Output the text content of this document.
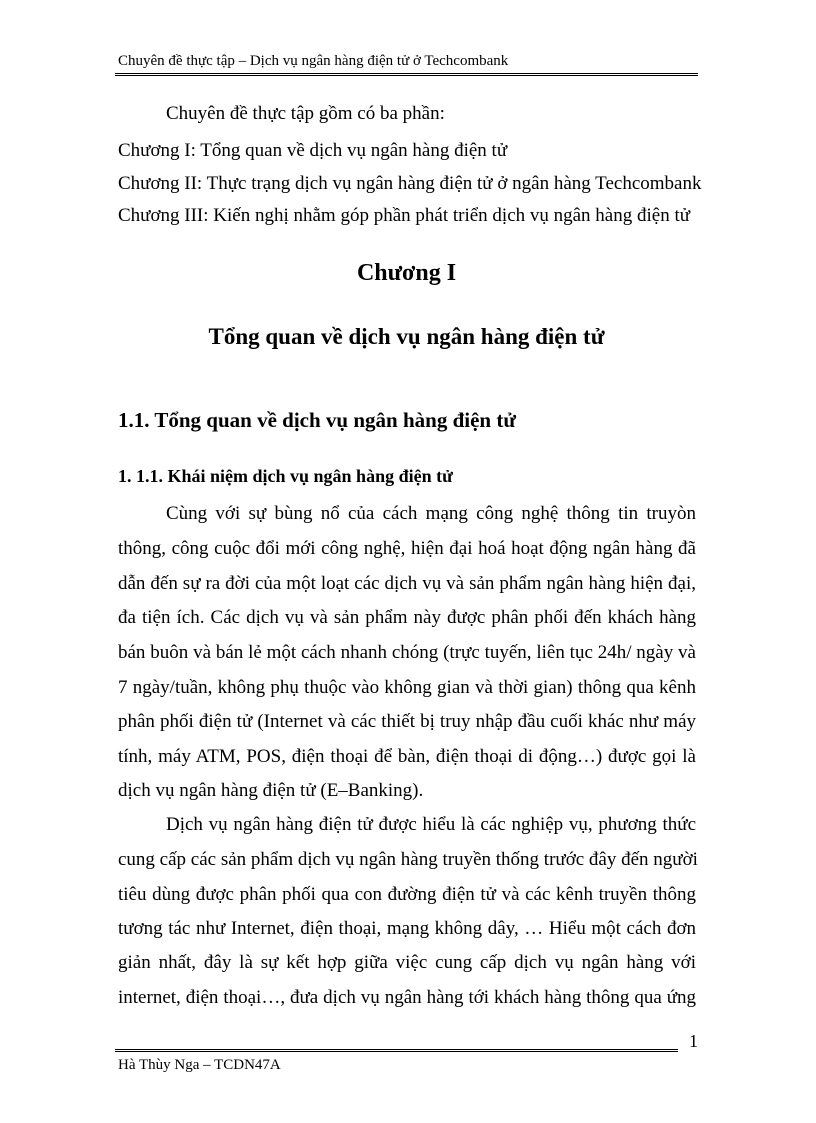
Chuyên đề thực tập – Dịch vụ ngân hàng điện tử ở Techcombank
Chuyên đề thực tập gồm có ba phần:
Chương I: Tổng quan về dịch vụ ngân hàng điện tử
Chương II: Thực trạng dịch vụ ngân hàng điện tử ở ngân hàng Techcombank
Chương III: Kiến nghị nhằm góp phần phát triển dịch vụ ngân hàng điện tử
Chương I
Tổng quan về dịch vụ ngân hàng điện tử
1.1. Tổng quan về dịch vụ ngân hàng điện tử
1. 1.1. Khái niệm dịch vụ ngân hàng điện tử
Cùng với sự bùng nổ của cách mạng công nghệ thông tin truyòn
thông, công cuộc đổi mới công nghệ, hiện đại hoá hoạt động ngân hàng đã
dẫn đến sự ra đời của một loạt các dịch vụ và sản phẩm ngân hàng hiện đại,
đa tiện ích. Các dịch vụ và sản phẩm này được phân phối đến khách hàng
bán buôn và bán lẻ một cách nhanh chóng (trực tuyến, liên tục 24h/ ngày và
7 ngày/tuần, không phụ thuộc vào không gian và thời gian) thông qua kênh
phân phối điện tử (Internet và các thiết bị truy nhập đầu cuối khác như máy
tính, máy ATM, POS, điện thoại để bàn, điện thoại di động…) được gọi là
dịch vụ ngân hàng điện tử (E–Banking).
Dịch vụ ngân hàng điện tử được hiểu là các nghiệp vụ, phương thức
cung cấp các sản phẩm dịch vụ ngân hàng truyền thống trước đây đến người
tiêu dùng được phân phối qua con đường điện tử và các kênh truyền thông
tương tác như Internet, điện thoại, mạng không dây, … Hiểu một cách đơn
giản nhất, đây là sự kết hợp giữa việc cung cấp dịch vụ ngân hàng với
internet, điện thoại…, đưa dịch vụ ngân hàng tới khách hàng thông qua ứng
1
Hà Thùy Nga – TCDN47A
